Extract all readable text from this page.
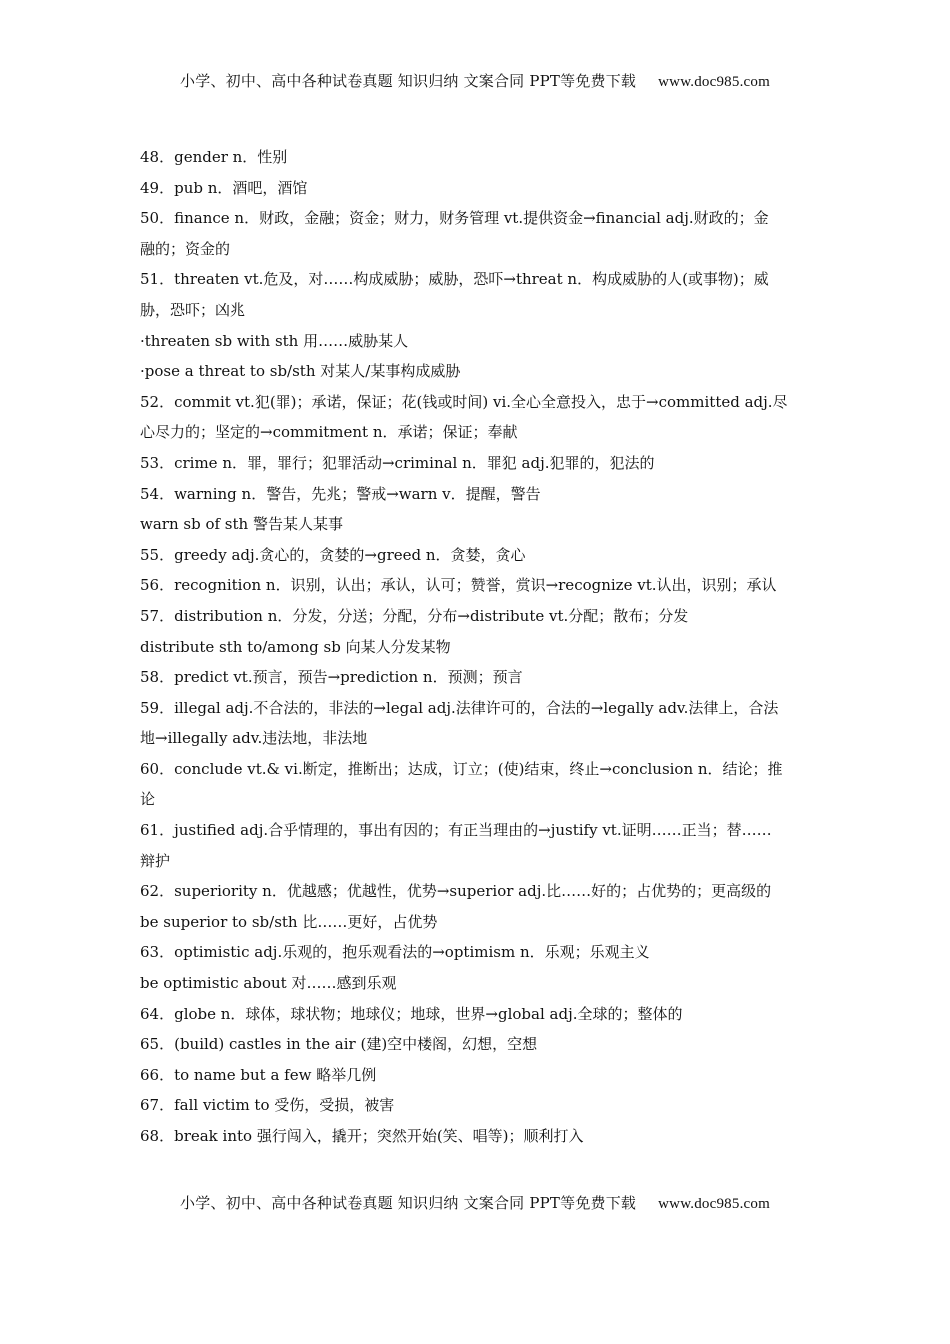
小学、初中、高中各种试卷真题 知识归纳 文案合同 PPT等免费下载 www.doc985.com
48．gender n．性别
49．pub n．酒吧，酒馆
50．finance n．财政，金融；资金；财力，财务管理 vt.提供资金→financial adj.财政的；金
融的；资金的
51．threaten vt.危及，对……构成威胁；威胁，恐吓→threat n．构成威胁的人(或事物)；威
胁，恐吓；凶兆
·threaten sb with sth 用……威胁某人
·pose a threat to sb/sth 对某人/某事构成威胁
52．commit vt.犯(罪)；承诺，保证；花(钱或时间) vi.全心全意投入，忠于→committed adj.尽
心尽力的；坚定的→commitment n．承诺；保证；奉献
53．crime n．罪，罪行；犯罪活动→criminal n．罪犯 adj.犯罪的，犯法的
54．warning n．警告，先兆；警戒→warn v．提醒，警告
warn sb of sth 警告某人某事
55．greedy adj.贪心的，贪婪的→greed n．贪婪，贪心
56．recognition n．识别，认出；承认，认可；赞誉，赏识→recognize vt.认出，识别；承认
57．distribution n．分发，分送；分配，分布→distribute vt.分配；散布；分发
distribute sth to/among sb 向某人分发某物
58．predict vt.预言，预告→prediction n．预测；预言
59．illegal adj.不合法的，非法的→legal adj.法律许可的，合法的→legally adv.法律上，合法
地→illegally adv.违法地，非法地
60．conclude vt.& vi.断定，推断出；达成，订立；(使)结束，终止→conclusion n．结论；推
论
61．justified adj.合乎情理的，事出有因的；有正当理由的→justify vt.证明……正当；替……
辩护
62．superiority n．优越感；优越性，优势→superior adj.比……好的；占优势的；更高级的
be superior to sb/sth 比……更好，占优势
63．optimistic adj.乐观的，抱乐观看法的→optimism n．乐观；乐观主义
be optimistic about 对……感到乐观
64．globe n．球体，球状物；地球仪；地球，世界→global adj.全球的；整体的
65．(build) castles in the air (建)空中楼阁，幻想，空想
66．to name but a few 略举几例
67．fall victim to 受伤，受损，被害
68．break into 强行闯入，撬开；突然开始(笑、唱等)；顺利打入
小学、初中、高中各种试卷真题 知识归纳 文案合同 PPT等免费下载 www.doc985.com
